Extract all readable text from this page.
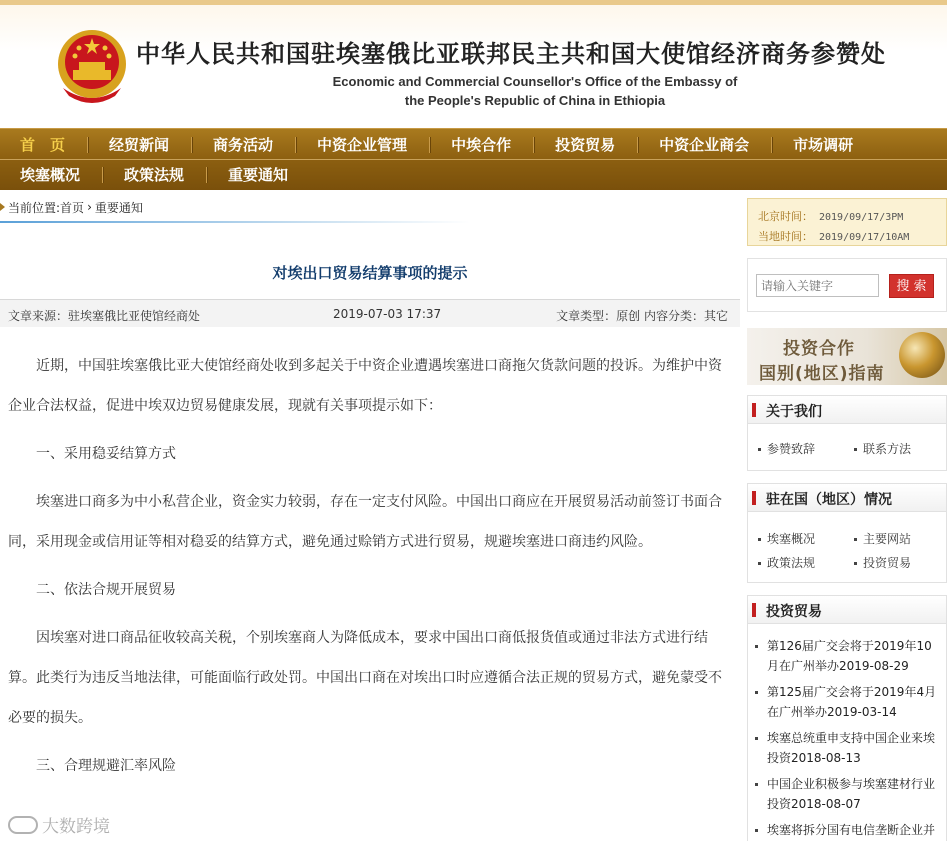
中华人民共和国驻埃塞俄比亚联邦民主共和国大使馆经济商务参赞处
Economic and Commercial Counsellor's Office of the Embassy of
the People's Republic of China in Ethiopia
首　页	经贸新闻	商务活动	中资企业管理	中埃合作	投资贸易	中资企业商会	市场调研
埃塞概况	政策法规	重要通知
当前位置: 首页 › 重要通知
对埃出口贸易结算事项的提示
文章来源：驻埃塞俄比亚使馆经商处	2019-07-03 17:37	文章类型：原创 内容分类：其它

近期，中国驻埃塞俄比亚大使馆经商处收到多起关于中资企业遭遇埃塞进口商拖欠货款问题的投诉。为维护中资企业合法权益，促进中埃双边贸易健康发展，现就有关事项提示如下：

一、采用稳妥结算方式

埃塞进口商多为中小私营企业，资金实力较弱，存在一定支付风险。中国出口商应在开展贸易活动前签订书面合同，采用现金或信用证等相对稳妥的结算方式，避免通过赊销方式进行贸易，规避埃塞进口商违约风险。

二、依法合规开展贸易

因埃塞对进口商品征收较高关税，个别埃塞商人为降低成本，要求中国出口商低报货值或通过非法方式进行结算。此类行为违反当地法律，可能面临行政处罚。中国出口商在对埃出口时应遵循合法正规的贸易方式，避免蒙受不必要的损失。

三、合理规避汇率风险

大数跨境
北京时间： 2019/09/17/3PM
当地时间： 2019/09/17/10AM
请输入关键字
搜 索
投资合作
国别(地区)指南
关于我们
参赞致辞	联系方法
驻在国（地区）情况
埃塞概况	主要网站
政策法规	投资贸易
投资贸易
第126届广交会将于2019年10月在广州举办2019-08-29
第125届广交会将于2019年4月在广州举办2019-03-14
埃塞总统重申支持中国企业来埃投资2018-08-13
中国企业积极参与埃塞建材行业投资2018-08-07
埃塞将拆分国有电信垄断企业并
